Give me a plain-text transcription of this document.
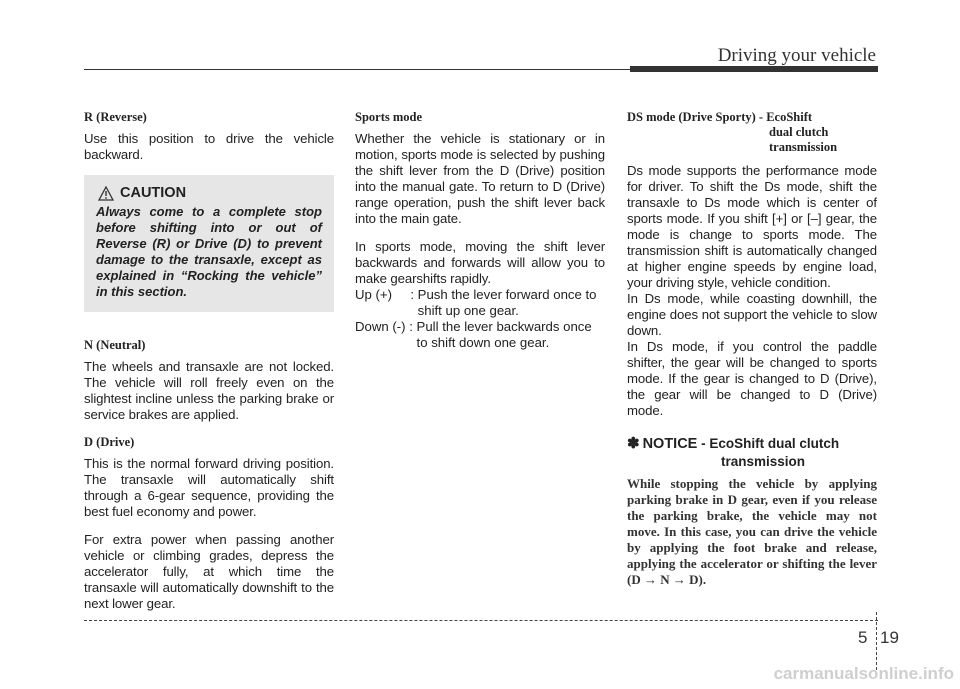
Driving your vehicle
R (Reverse)

Use this position to drive the vehicle backward.

CAUTION
Always come to a complete stop before shifting into or out of Reverse (R) or Drive (D) to prevent damage to the transaxle, except as explained in “Rocking the vehicle” in this section.
N (Neutral)

The wheels and transaxle are not locked. The vehicle will roll freely even on the slightest incline unless the parking brake or service brakes are applied.

D (Drive)

This is the normal forward driving position. The transaxle will automatically shift through a 6-gear sequence, providing the best fuel economy and power.

For extra power when passing another vehicle or climbing grades, depress the accelerator fully, at which time the transaxle will automatically downshift to the next lower gear.

Sports mode

Whether the vehicle is stationary or in motion, sports mode is selected by pushing the shift lever from the D (Drive) position into the manual gate. To return to D (Drive) range operation, push the shift lever back into the main gate.

In sports mode, moving the shift lever backwards and forwards will allow you to make gearshifts rapidly.

Up (+)     : Push the lever forward once to shift up one gear.
Down (-) : Pull the lever backwards once to shift down one gear.
DS mode (Drive Sporty) - EcoShift
dual clutch
transmission

Ds mode supports the performance mode for driver. To shift the Ds mode, shift the transaxle to Ds mode which is center of sports mode. If you shift [+] or [–] gear, the mode is change to sports mode. The transmission shift is automatically changed at higher engine speeds by engine load, your driving style, vehicle condition.

In Ds mode, while coasting downhill, the engine does not support the vehicle to slow down.

In Ds mode, if you control the paddle shifter, the gear will be changed to sports mode. If the gear is changed to D (Drive), the gear will be changed to D (Drive) mode.

✽ NOTICE - EcoShift dual clutch
transmission
While stopping the vehicle by applying parking brake in D gear, even if you release the parking brake, the vehicle may not move. In this case, you can drive the vehicle by applying the foot brake and release, applying the accelerator or shifting the lever (D → N → D).
5 19
carmanualsonline.info
